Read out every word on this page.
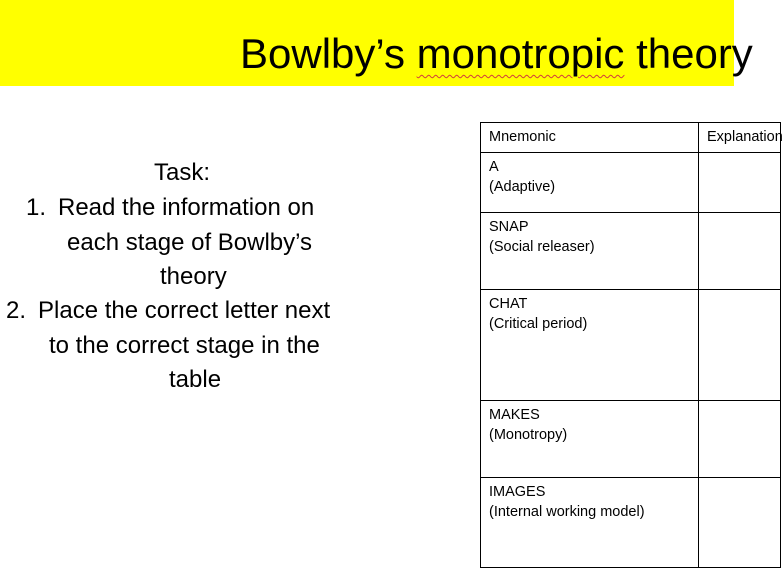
Bowlby’s monotropic theory
Task:
1. Read the information on
each stage of Bowlby’s
theory
2. Place the correct letter next
to the correct stage in the
table
Mnemonic	Explanation

A
(Adaptive)	

SNAP
(Social releaser)	

CHAT
(Critical period)	

MAKES
(Monotropy)	

IMAGES
(Internal working model)	
